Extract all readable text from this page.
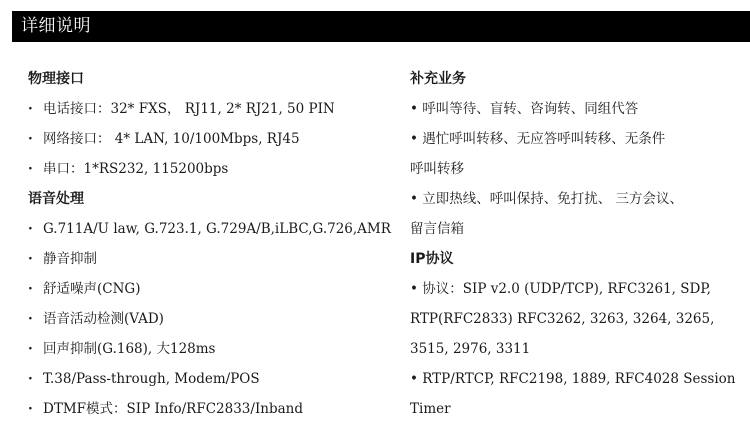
详细说明
物理接口
· 电话接口：32* FXS， RJ11, 2* RJ21, 50 PIN
· 网络接口： 4* LAN, 10/100Mbps, RJ45
· 串口：1*RS232, 115200bps
语音处理
· G.711A/U law, G.723.1, G.729A/B,iLBC,G.726,AMR
· 静音抑制
· 舒适噪声(CNG)
· 语音活动检测(VAD)
· 回声抑制(G.168), 大128ms
· T.38/Pass-through, Modem/POS
· DTMF模式：SIP Info/RFC2833/Inband
补充业务
• 呼叫等待、盲转、咨询转、同组代答
• 遇忙呼叫转移、无应答呼叫转移、无条件
呼叫转移
• 立即热线、呼叫保持、免打扰、 三方会议、
留言信箱
IP协议
• 协议：SIP v2.0 (UDP/TCP), RFC3261, SDP,
RTP(RFC2833) RFC3262, 3263, 3264, 3265,
3515, 2976, 3311
• RTP/RTCP, RFC2198, 1889, RFC4028 Session
Timer
